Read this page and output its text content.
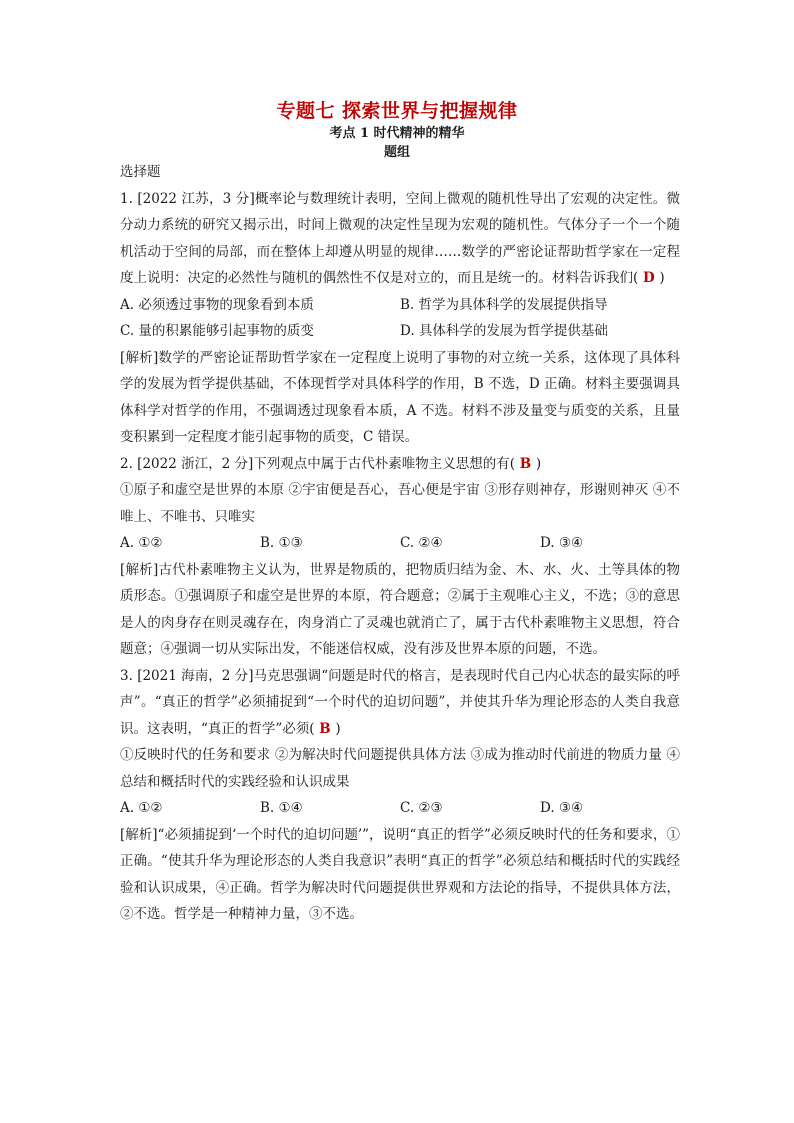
专题七 探索世界与把握规律
考点 1 时代精神的精华
题组

选择题

1. [2022 江苏，3 分]概率论与数理统计表明，空间上微观的随机性导出了宏观的决定性。微分动力系统的研究又揭示出，时间上微观的决定性呈现为宏观的随机性。气体分子一个一个随机活动于空间的局部，而在整体上却遵从明显的规律……数学的严密论证帮助哲学家在一定程度上说明：决定的必然性与随机的偶然性不仅是对立的，而且是统一的。材料告诉我们( D )

A. 必须透过事物的现象看到本质	B. 哲学为具体科学的发展提供指导
C. 量的积累能够引起事物的质变	D. 具体科学的发展为哲学提供基础

[解析]数学的严密论证帮助哲学家在一定程度上说明了事物的对立统一关系，这体现了具体科学的发展为哲学提供基础，不体现哲学对具体科学的作用，B 不选，D 正确。材料主要强调具体科学对哲学的作用，不强调透过现象看本质，A 不选。材料不涉及量变与质变的关系，且量变积累到一定程度才能引起事物的质变，C 错误。

2. [2022 浙江，2 分]下列观点中属于古代朴素唯物主义思想的有( B )

①原子和虚空是世界的本原 ②宇宙便是吾心，吾心便是宇宙 ③形存则神存，形谢则神灭 ④不唯上、不唯书、只唯实

A. ①②	B. ①③	C. ②④	D. ③④

[解析]古代朴素唯物主义认为，世界是物质的，把物质归结为金、木、水、火、土等具体的物质形态。①强调原子和虚空是世界的本原，符合题意；②属于主观唯心主义，不选；③的意思是人的肉身存在则灵魂存在，肉身消亡了灵魂也就消亡了，属于古代朴素唯物主义思想，符合题意；④强调一切从实际出发，不能迷信权威，没有涉及世界本原的问题，不选。

3. [2021 海南，2 分]马克思强调“问题是时代的格言，是表现时代自己内心状态的最实际的呼声”。“真正的哲学”必须捕捉到“一个时代的迫切问题”，并使其升华为理论形态的人类自我意识。这表明，“真正的哲学”必须( B )

①反映时代的任务和要求 ②为解决时代问题提供具体方法 ③成为推动时代前进的物质力量 ④总结和概括时代的实践经验和认识成果

A. ①②	B. ①④	C. ②③	D. ③④

[解析]“必须捕捉到‘一个时代的迫切问题’”，说明“真正的哲学”必须反映时代的任务和要求，①正确。“使其升华为理论形态的人类自我意识”表明“真正的哲学”必须总结和概括时代的实践经验和认识成果，④正确。哲学为解决时代问题提供世界观和方法论的指导，不提供具体方法，②不选。哲学是一种精神力量，③不选。
